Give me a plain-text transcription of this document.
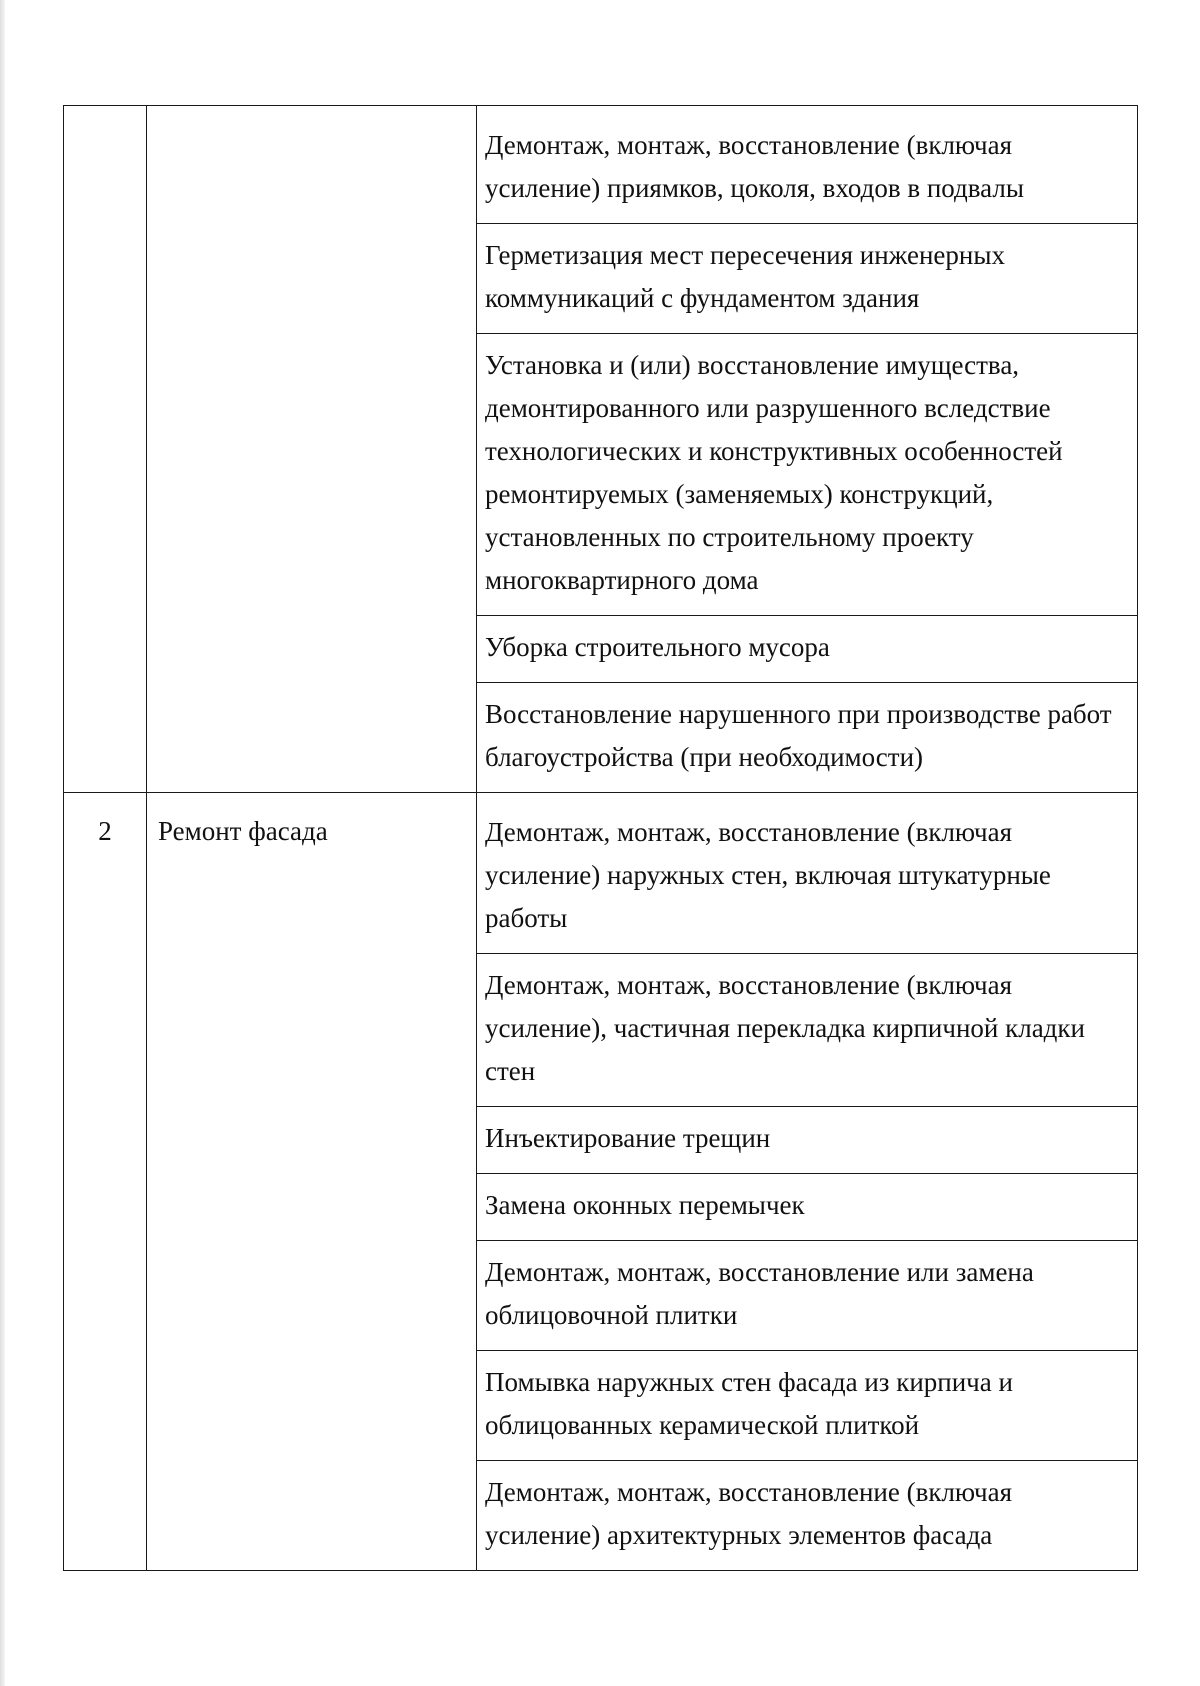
		Демонтаж, монтаж, восстановление (включая усиление) приямков, цоколя, входов в подвалы
		Герметизация мест пересечения инженерных коммуникаций с фундаментом здания
		Установка и (или) восстановление имущества, демонтированного или разрушенного вследствие технологических и конструктивных особенностей ремонтируемых (заменяемых) конструкций, установленных по строительному проекту многоквартирного дома
		Уборка строительного мусора
		Восстановление нарушенного при производстве работ благоустройства (при необходимости)
2	Ремонт фасада	Демонтаж, монтаж, восстановление (включая усиление) наружных стен, включая штукатурные работы
		Демонтаж, монтаж, восстановление (включая усиление), частичная перекладка кирпичной кладки стен
		Инъектирование трещин
		Замена оконных перемычек
		Демонтаж, монтаж, восстановление или замена облицовочной плитки
		Помывка наружных стен фасада из кирпича и облицованных керамической плиткой
		Демонтаж, монтаж, восстановление (включая усиление) архитектурных элементов фасада
